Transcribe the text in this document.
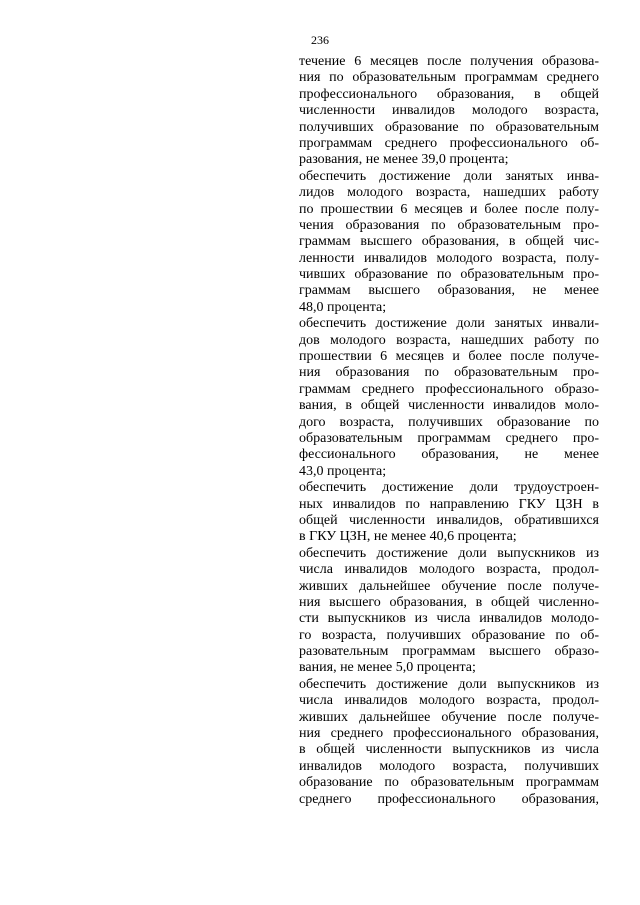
236
течение 6 месяцев после получения образова-
ния по образовательным программам среднего
профессионального образования, в общей
численности инвалидов молодого возраста,
получивших образование по образовательным
программам среднего профессионального об-
разования, не менее 39,0 процента;
обеспечить достижение доли занятых инва-
лидов молодого возраста, нашедших работу
по прошествии 6 месяцев и более после полу-
чения образования по образовательным про-
граммам высшего образования, в общей чис-
ленности инвалидов молодого возраста, полу-
чивших образование по образовательным про-
граммам высшего образования, не менее
48,0 процента;
обеспечить достижение доли занятых инвали-
дов молодого возраста, нашедших работу по
прошествии 6 месяцев и более после получе-
ния образования по образовательным про-
граммам среднего профессионального образо-
вания, в общей численности инвалидов моло-
дого возраста, получивших образование по
образовательным программам среднего про-
фессионального образования, не менее
43,0 процента;
обеспечить достижение доли трудоустроен-
ных инвалидов по направлению ГКУ ЦЗН в
общей численности инвалидов, обратившихся
в ГКУ ЦЗН, не менее 40,6 процента;
обеспечить достижение доли выпускников из
числа инвалидов молодого возраста, продол-
живших дальнейшее обучение после получе-
ния высшего образования, в общей численно-
сти выпускников из числа инвалидов молодо-
го возраста, получивших образование по об-
разовательным программам высшего образо-
вания, не менее 5,0 процента;
обеспечить достижение доли выпускников из
числа инвалидов молодого возраста, продол-
живших дальнейшее обучение после получе-
ния среднего профессионального образования,
в общей численности выпускников из числа
инвалидов молодого возраста, получивших
образование по образовательным программам
среднего профессионального образования,
